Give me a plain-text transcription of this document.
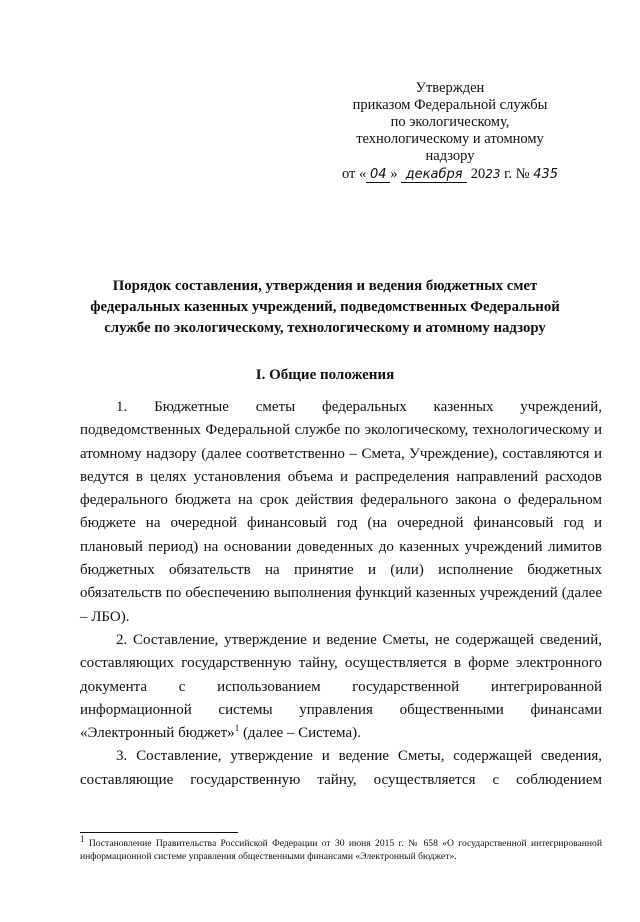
Утвержден
приказом Федеральной службы
по экологическому,
технологическому и атомному
надзору
от « 04 » декабря 2023 г. № 435
Порядок составления, утверждения и ведения бюджетных смет
федеральных казенных учреждений, подведомственных Федеральной
службе по экологическому, технологическому и атомному надзору
I. Общие положения

1. Бюджетные сметы федеральных казенных учреждений, подведомственных Федеральной службе по экологическому, технологическому и атомному надзору (далее соответственно – Смета, Учреждение), составляются и ведутся в целях установления объема и распределения направлений расходов федерального бюджета на срок действия федерального закона о федеральном бюджете на очередной финансовый год (на очередной финансовый год и плановый период) на основании доведенных до казенных учреждений лимитов бюджетных обязательств на принятие и (или) исполнение бюджетных обязательств по обеспечению выполнения функций казенных учреждений (далее – ЛБО).

2. Составление, утверждение и ведение Сметы, не содержащей сведений, составляющих государственную тайну, осуществляется в форме электронного документа с использованием государственной интегрированной информационной системы управления общественными финансами «Электронный бюджет»$^1$ (далее – Система).

3. Составление, утверждение и ведение Сметы, содержащей сведения, составляющие государственную тайну, осуществляется с соблюдением

$^1$ Постановление Правительства Российской Федерации от 30 июня 2015 г. № 658 «О государственной интегрированной информационной системе управления общественными финансами «Электронный бюджет».
